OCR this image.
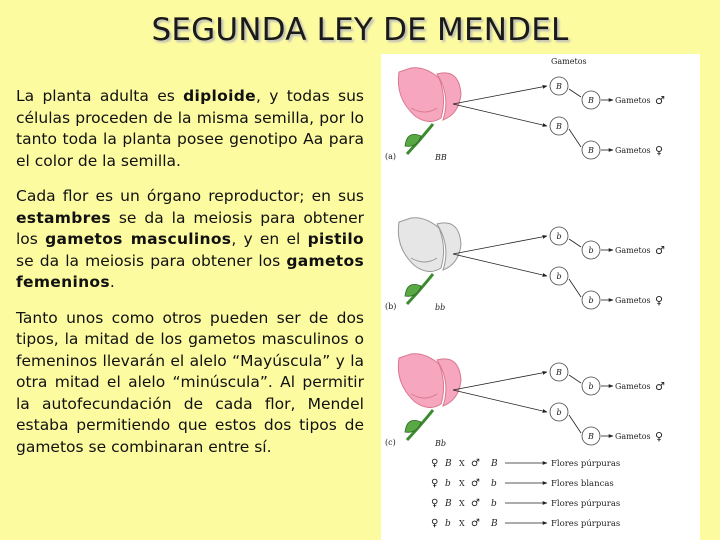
SEGUNDA LEY DE MENDEL

La planta adulta es diploide, y todas sus células proceden de la misma semilla, por lo tanto toda la planta posee genotipo Aa para el color de la semilla.

Cada flor es un órgano reproductor; en sus estambres se da la meiosis para obtener los gametos masculinos, y en el pistilo se da la meiosis para obtener los gametos femeninos.

Tanto unos como otros pueden ser de dos tipos, la mitad de los gametos masculinos o femeninos llevarán el alelo “Mayúscula” y la otra mitad el alelo “minúscula”. Al permitir la autofecundación de cada flor, Mendel estaba permitiendo que estos dos tipos de gametos se combinaran entre sí.

Gametos
(a)	BB
B
B	Gametos ♂
B
B	Gametos ♀
(b)	bb
b
b	Gametos ♂
b
b	Gametos ♀
(c)	Bb
B
b	Gametos ♂
b
B	Gametos ♀
♀ B X ♂ B	Flores púrpuras
♀ b X ♂ b	Flores blancas
♀ B X ♂ b	Flores púrpuras
♀ b X ♂ B	Flores púrpuras
